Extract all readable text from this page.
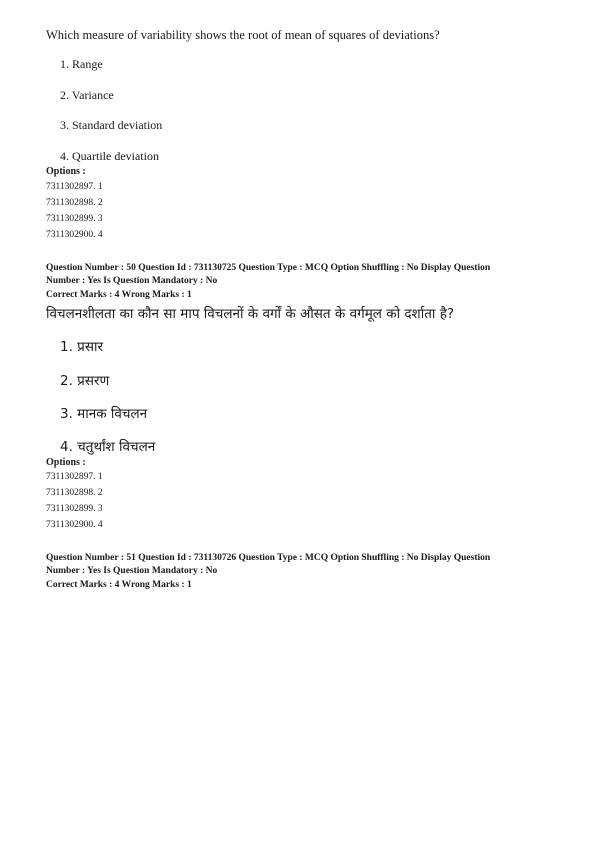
Which measure of variability shows the root of mean of squares of deviations?
1. Range
2. Variance
3. Standard deviation
4. Quartile deviation
Options :
7311302897. 1
7311302898. 2
7311302899. 3
7311302900. 4
Question Number : 50 Question Id : 731130725 Question Type : MCQ Option Shuffling : No Display Question
Number : Yes Is Question Mandatory : No
Correct Marks : 4 Wrong Marks : 1
विचलनशीलता का कौन सा माप विचलनों के वर्गों के औसत के वर्गमूल को दर्शाता है?
1. प्रसार
2. प्रसरण
3. मानक विचलन
4. चतुर्थांश विचलन
Options :
7311302897. 1
7311302898. 2
7311302899. 3
7311302900. 4
Question Number : 51 Question Id : 731130726 Question Type : MCQ Option Shuffling : No Display Question
Number : Yes Is Question Mandatory : No
Correct Marks : 4 Wrong Marks : 1
